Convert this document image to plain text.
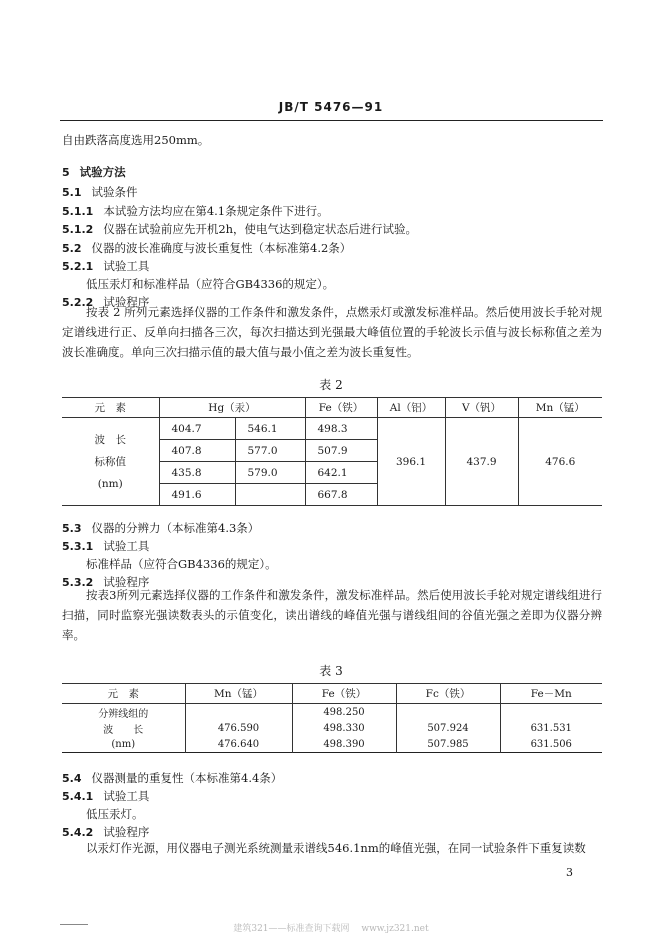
JB/T 5476—91
自由跌落高度选用250mm。
5 试验方法
5.1 试验条件
5.1.1 本试验方法均应在第4.1条规定条件下进行。
5.1.2 仪器在试验前应先开机2h，使电气达到稳定状态后进行试验。
5.2 仪器的波长准确度与波长重复性（本标准第4.2条）
5.2.1 试验工具
低压汞灯和标准样品（应符合GB4336的规定）。
5.2.2 试验程序
按表 2 所列元素选择仪器的工作条件和激发条件，点燃汞灯或激发标准样品。然后使用波长手轮对规定谱线进行正、反单向扫描各三次，每次扫描达到光强最大峰值位置的手轮波长示值与波长标称值之差为波长准确度。单向三次扫描示值的最大值与最小值之差为波长重复性。
表 2
元　素	Hg（汞）		Fe（铁）	Al（铝）	V（钒）	Mn（锰）

波　长
标称值
(nm)	404.7	546.1	498.3	396.1	437.9	476.6
	407.8	577.0	507.9			
	435.8	579.0	642.1			
	491.6		667.8			
5.3 仪器的分辨力（本标准第4.3条）
5.3.1 试验工具
标准样品（应符合GB4336的规定）。
5.3.2 试验程序
按表3所列元素选择仪器的工作条件和激发条件，激发标准样品。然后使用波长手轮对规定谱线组进行扫描，同时监察光强读数表头的示值变化，读出谱线的峰值光强与谱线组间的谷值光强之差即为仪器分辨率。
表 3
元　素	Mn（锰）	Fe（铁）	Fc（铁）	Fe－Mn
分辨线组的		498.250		
波　　长	476.590	498.330	507.924	631.531
(nm)	476.640	498.390	507.985	631.506
5.4 仪器测量的重复性（本标准第4.4条）
5.4.1 试验工具
低压汞灯。
5.4.2 试验程序
以汞灯作光源，用仪器电子测光系统测量汞谱线546.1nm的峰值光强，在同一试验条件下重复读数
3
建筑321——标准查询下载网　 www.jz321.net
